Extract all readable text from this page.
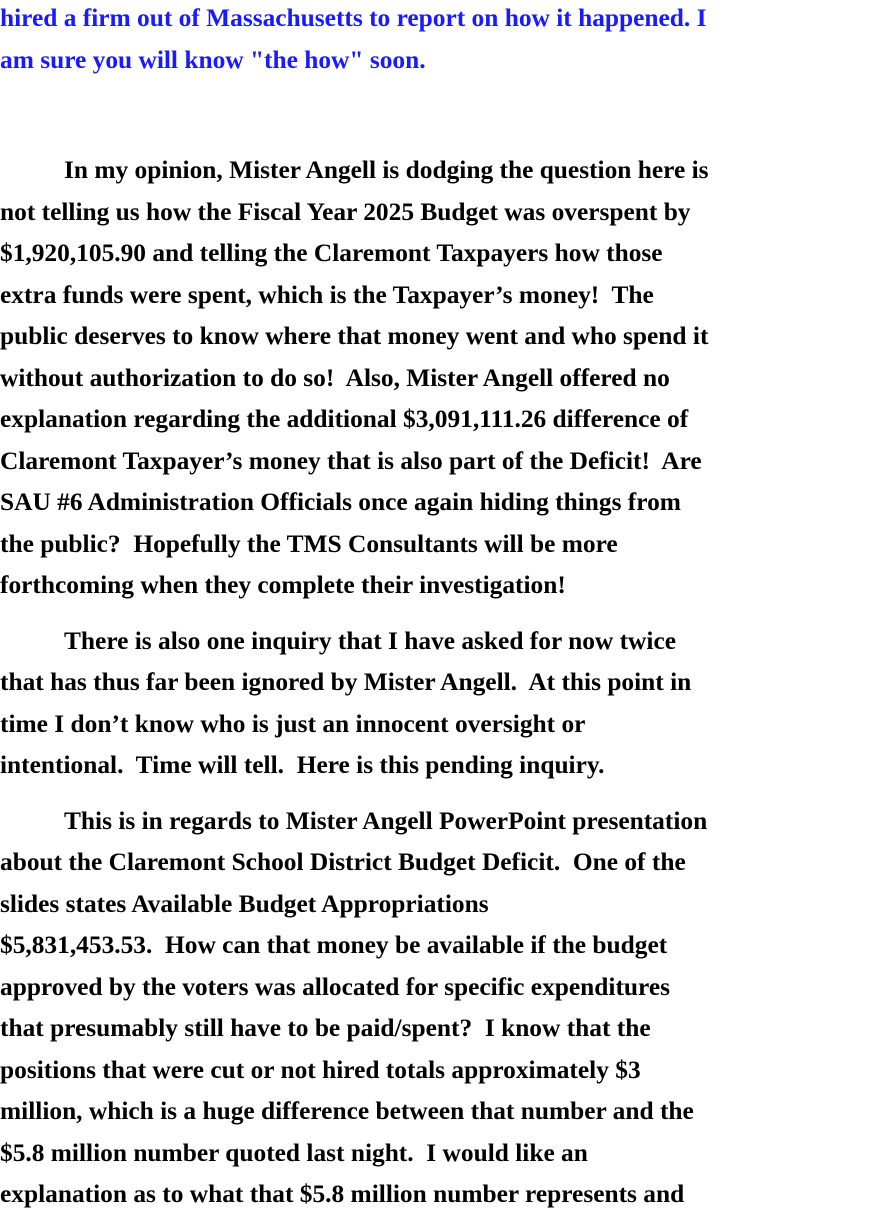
hired a firm out of Massachusetts to report on how it happened. I
am sure you will know "the how" soon.
In my opinion, Mister Angell is dodging the question here is
not telling us how the Fiscal Year 2025 Budget was overspent by
$1,920,105.90 and telling the Claremont Taxpayers how those
extra funds were spent, which is the Taxpayer’s money!  The
public deserves to know where that money went and who spend it
without authorization to do so!  Also, Mister Angell offered no
explanation regarding the additional $3,091,111.26 difference of
Claremont Taxpayer’s money that is also part of the Deficit!  Are
SAU #6 Administration Officials once again hiding things from
the public?  Hopefully the TMS Consultants will be more
forthcoming when they complete their investigation!
There is also one inquiry that I have asked for now twice
that has thus far been ignored by Mister Angell.  At this point in
time I don’t know who is just an innocent oversight or
intentional.  Time will tell.  Here is this pending inquiry.
This is in regards to Mister Angell PowerPoint presentation
about the Claremont School District Budget Deficit.  One of the
slides states Available Budget Appropriations
$5,831,453.53.  How can that money be available if the budget
approved by the voters was allocated for specific expenditures
that presumably still have to be paid/spent?  I know that the
positions that were cut or not hired totals approximately $3
million, which is a huge difference between that number and the
$5.8 million number quoted last night.  I would like an
explanation as to what that $5.8 million number represents and
